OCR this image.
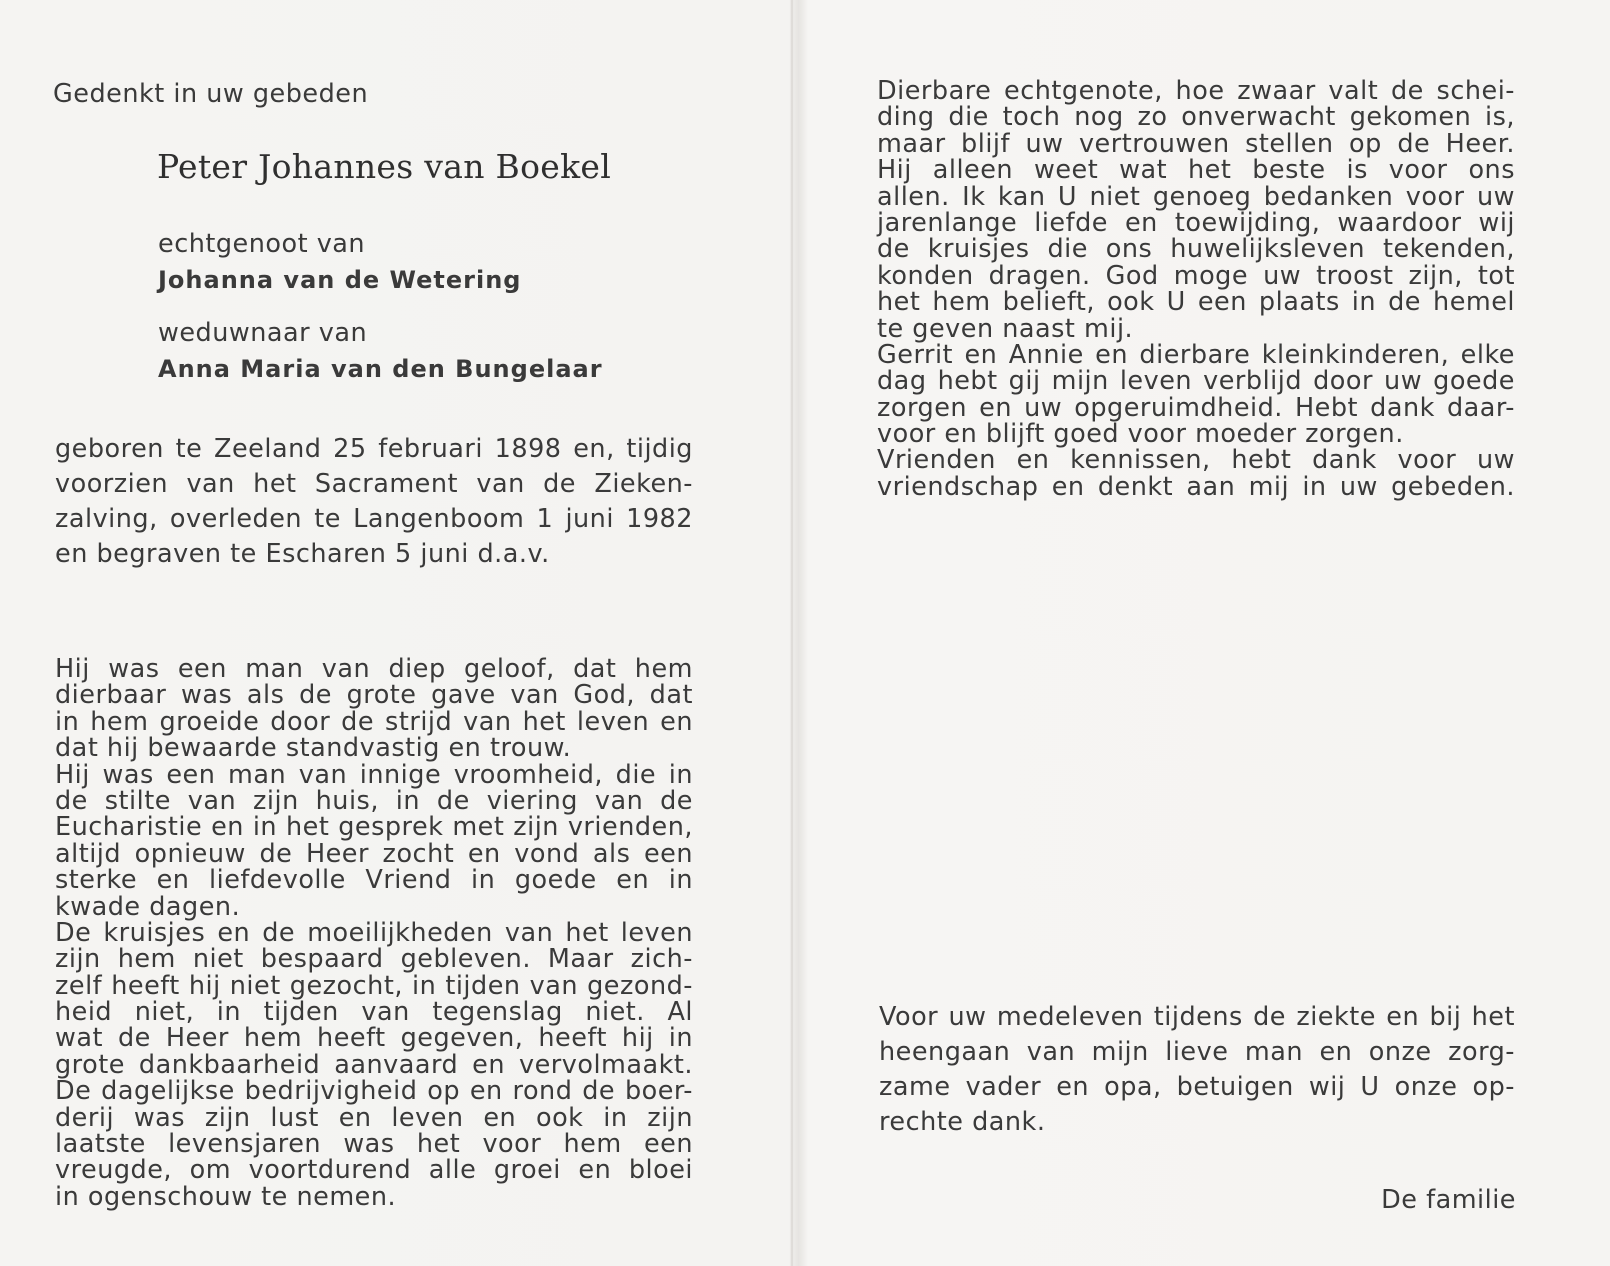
Gedenkt in uw gebeden
Peter Johannes van Boekel
echtgenoot van
Johanna van de Wetering
weduwnaar van
Anna Maria van den Bungelaar
geboren te Zeeland 25 februari 1898 en, tijdig
voorzien van het Sacrament van de Zieken-
zalving, overleden te Langenboom 1 juni 1982
en begraven te Escharen 5 juni d.a.v.
Hij was een man van diep geloof, dat hem
dierbaar was als de grote gave van God, dat
in hem groeide door de strijd van het leven en
dat hij bewaarde standvastig en trouw.
Hij was een man van innige vroomheid, die in
de stilte van zijn huis, in de viering van de
Eucharistie en in het gesprek met zijn vrienden,
altijd opnieuw de Heer zocht en vond als een
sterke en liefdevolle Vriend in goede en in
kwade dagen.
De kruisjes en de moeilijkheden van het leven
zijn hem niet bespaard gebleven. Maar zich-
zelf heeft hij niet gezocht, in tijden van gezond-
heid niet, in tijden van tegenslag niet. Al
wat de Heer hem heeft gegeven, heeft hij in
grote dankbaarheid aanvaard en vervolmaakt.
De dagelijkse bedrijvigheid op en rond de boer-
derij was zijn lust en leven en ook in zijn
laatste levensjaren was het voor hem een
vreugde, om voortdurend alle groei en bloei
in ogenschouw te nemen.
Dierbare echtgenote, hoe zwaar valt de schei-
ding die toch nog zo onverwacht gekomen is,
maar blijf uw vertrouwen stellen op de Heer.
Hij alleen weet wat het beste is voor ons
allen. Ik kan U niet genoeg bedanken voor uw
jarenlange liefde en toewijding, waardoor wij
de kruisjes die ons huwelijksleven tekenden,
konden dragen. God moge uw troost zijn, tot
het hem belieft, ook U een plaats in de hemel
te geven naast mij.
Gerrit en Annie en dierbare kleinkinderen, elke
dag hebt gij mijn leven verblijd door uw goede
zorgen en uw opgeruimdheid. Hebt dank daar-
voor en blijft goed voor moeder zorgen.
Vrienden en kennissen, hebt dank voor uw
vriendschap en denkt aan mij in uw gebeden.
Voor uw medeleven tijdens de ziekte en bij het
heengaan van mijn lieve man en onze zorg-
zame vader en opa, betuigen wij U onze op-
rechte dank.
De familie
